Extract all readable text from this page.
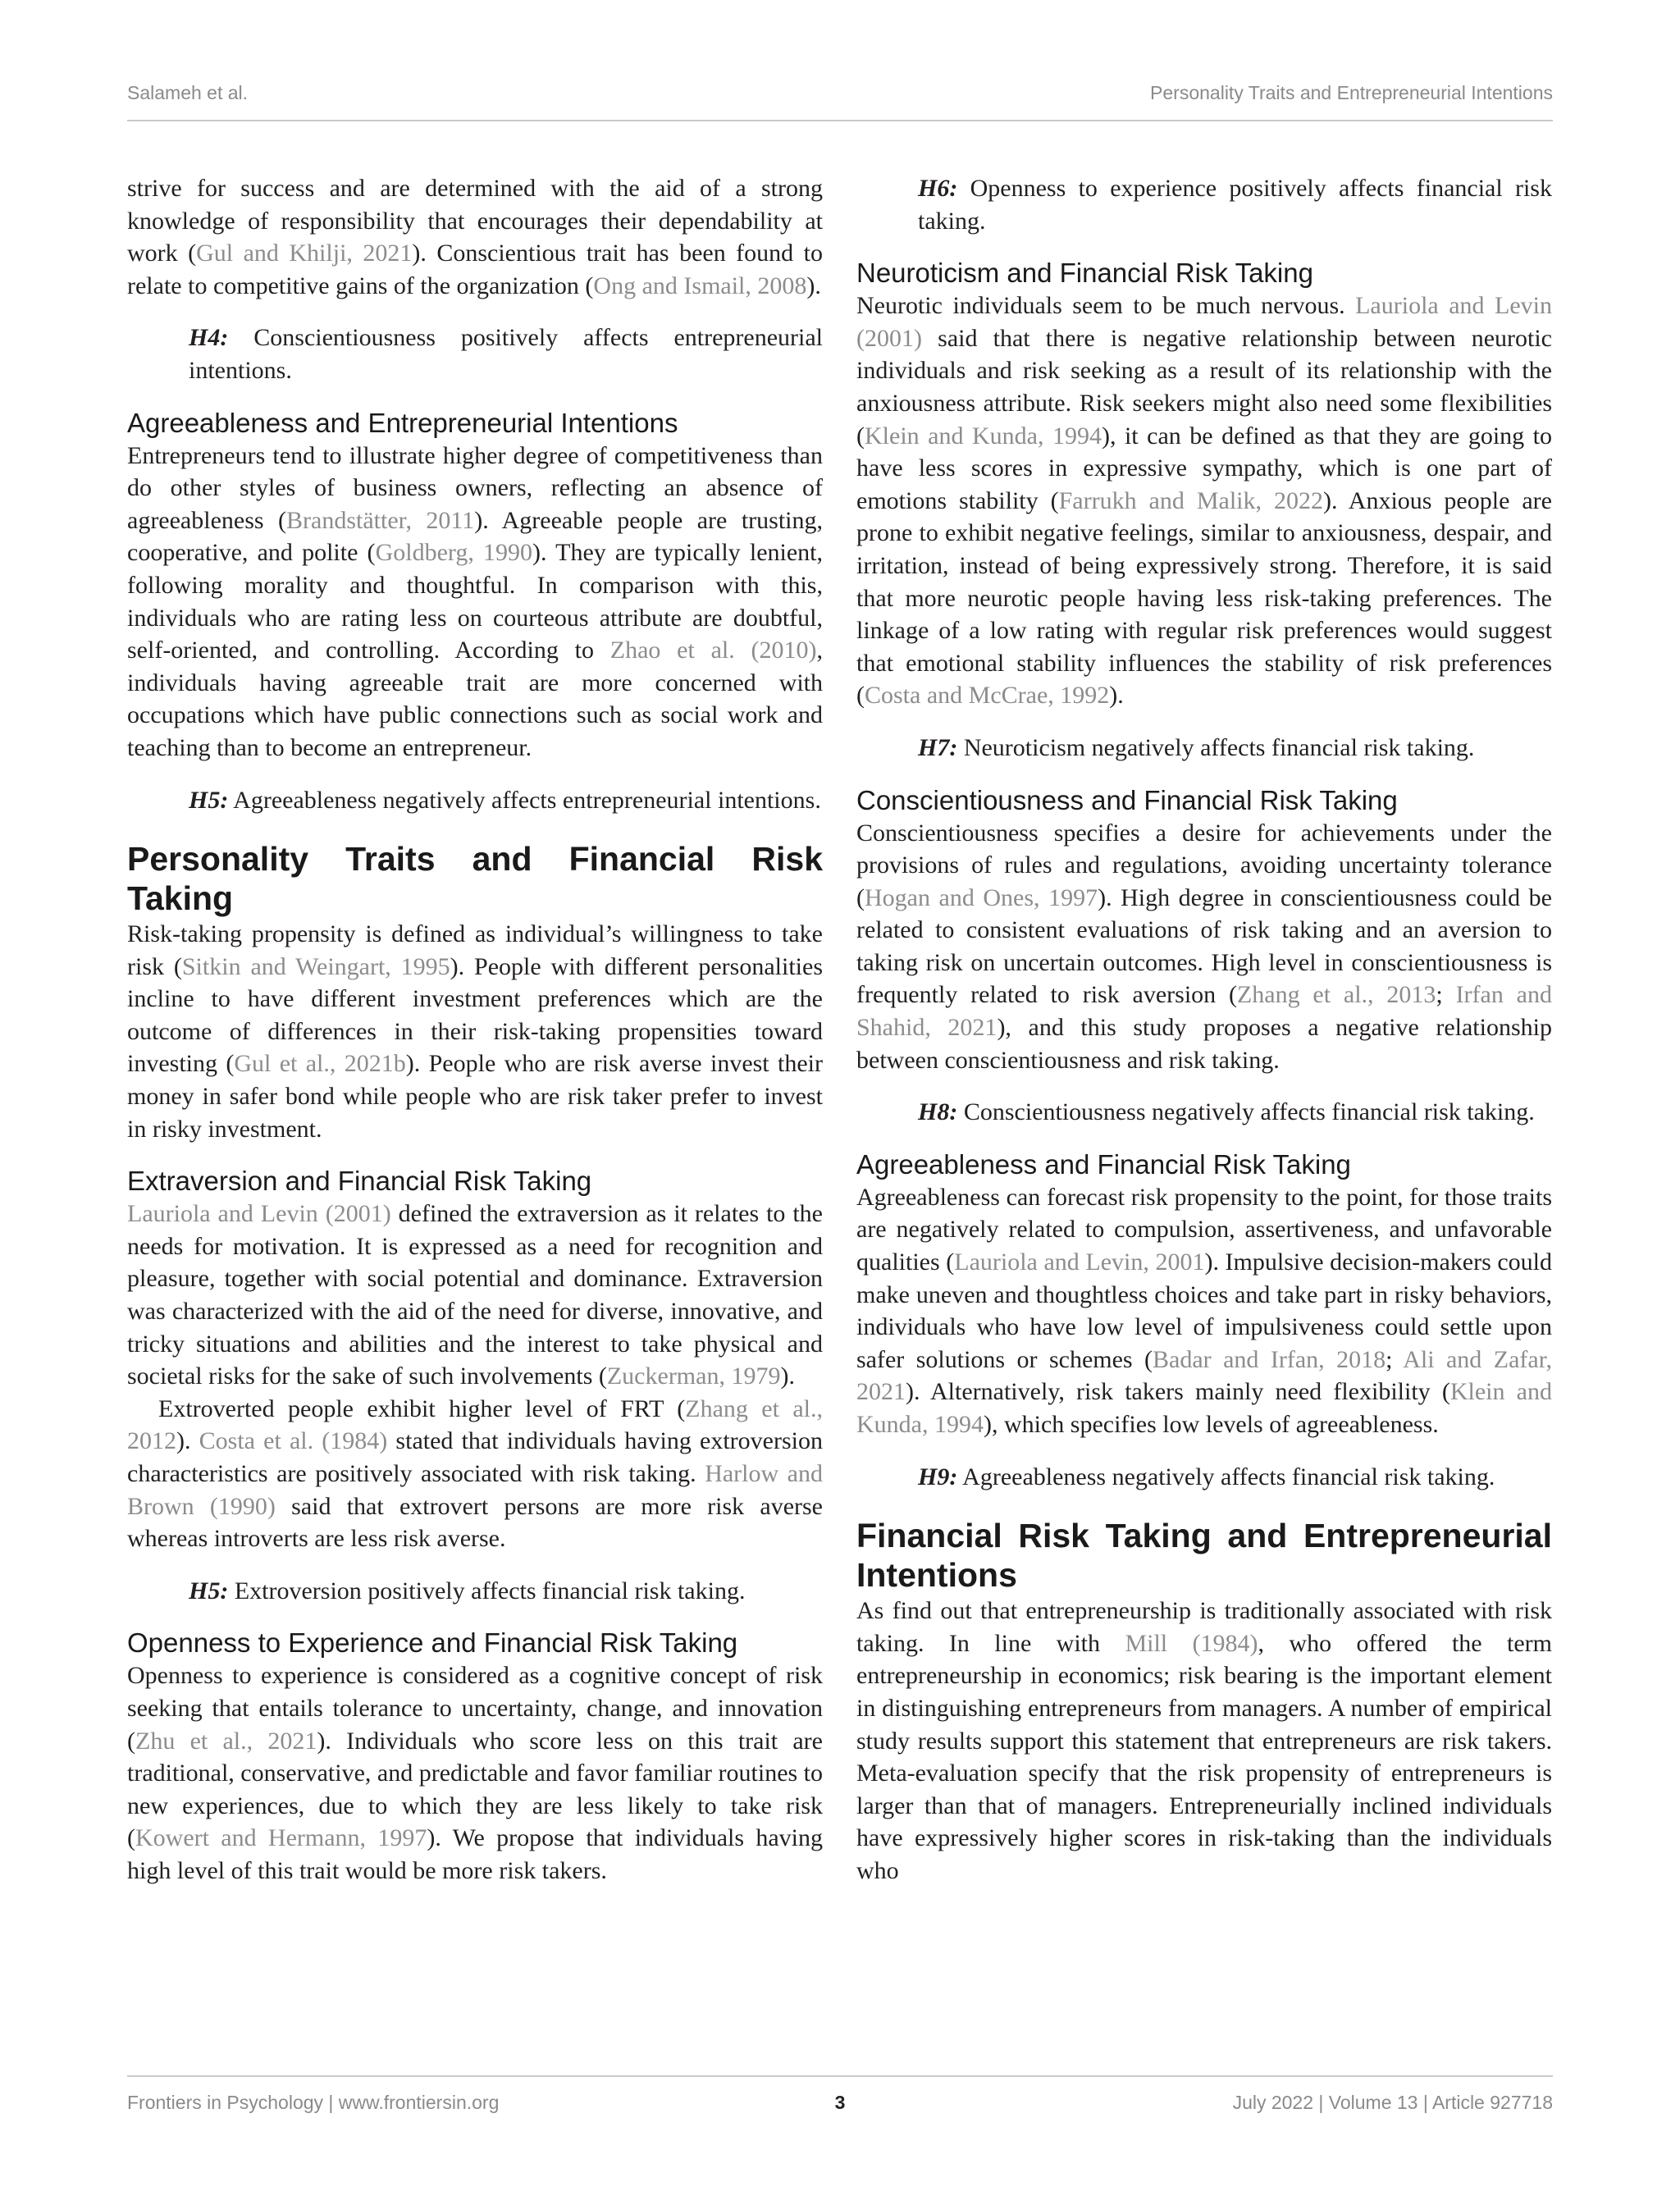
Salameh et al.	Personality Traits and Entrepreneurial Intentions

strive for success and are determined with the aid of a strong knowledge of responsibility that encourages their dependability at work (Gul and Khilji, 2021). Conscientious trait has been found to relate to competitive gains of the organization (Ong and Ismail, 2008).

H4: Conscientiousness positively affects entrepreneurial intentions.

Agreeableness and Entrepreneurial Intentions

Entrepreneurs tend to illustrate higher degree of competitiveness than do other styles of business owners, reflecting an absence of agreeableness (Brandstätter, 2011). Agreeable people are trusting, cooperative, and polite (Goldberg, 1990). They are typically lenient, following morality and thoughtful. In comparison with this, individuals who are rating less on courteous attribute are doubtful, self-oriented, and controlling. According to Zhao et al. (2010), individuals having agreeable trait are more concerned with occupations which have public connections such as social work and teaching than to become an entrepreneur.

H5: Agreeableness negatively affects entrepreneurial intentions.

Personality Traits and Financial Risk Taking

Risk-taking propensity is defined as individual’s willingness to take risk (Sitkin and Weingart, 1995). People with different personalities incline to have different investment preferences which are the outcome of differences in their risk-taking propensities toward investing (Gul et al., 2021b). People who are risk averse invest their money in safer bond while people who are risk taker prefer to invest in risky investment.

Extraversion and Financial Risk Taking

Lauriola and Levin (2001) defined the extraversion as it relates to the needs for motivation. It is expressed as a need for recognition and pleasure, together with social potential and dominance. Extraversion was characterized with the aid of the need for diverse, innovative, and tricky situations and abilities and the interest to take physical and societal risks for the sake of such involvements (Zuckerman, 1979).

Extroverted people exhibit higher level of FRT (Zhang et al., 2012). Costa et al. (1984) stated that individuals having extroversion characteristics are positively associated with risk taking. Harlow and Brown (1990) said that extrovert persons are more risk averse whereas introverts are less risk averse.

H5: Extroversion positively affects financial risk taking.

Openness to Experience and Financial Risk Taking

Openness to experience is considered as a cognitive concept of risk seeking that entails tolerance to uncertainty, change, and innovation (Zhu et al., 2021). Individuals who score less on this trait are traditional, conservative, and predictable and favor familiar routines to new experiences, due to which they are less likely to take risk (Kowert and Hermann, 1997). We propose that individuals having high level of this trait would be more risk takers.

H6: Openness to experience positively affects financial risk taking.

Neuroticism and Financial Risk Taking

Neurotic individuals seem to be much nervous. Lauriola and Levin (2001) said that there is negative relationship between neurotic individuals and risk seeking as a result of its relationship with the anxiousness attribute. Risk seekers might also need some flexibilities (Klein and Kunda, 1994), it can be defined as that they are going to have less scores in expressive sympathy, which is one part of emotions stability (Farrukh and Malik, 2022). Anxious people are prone to exhibit negative feelings, similar to anxiousness, despair, and irritation, instead of being expressively strong. Therefore, it is said that more neurotic people having less risk-taking preferences. The linkage of a low rating with regular risk preferences would suggest that emotional stability influences the stability of risk preferences (Costa and McCrae, 1992).

H7: Neuroticism negatively affects financial risk taking.

Conscientiousness and Financial Risk Taking

Conscientiousness specifies a desire for achievements under the provisions of rules and regulations, avoiding uncertainty tolerance (Hogan and Ones, 1997). High degree in conscientiousness could be related to consistent evaluations of risk taking and an aversion to taking risk on uncertain outcomes. High level in conscientiousness is frequently related to risk aversion (Zhang et al., 2013; Irfan and Shahid, 2021), and this study proposes a negative relationship between conscientiousness and risk taking.

H8: Conscientiousness negatively affects financial risk taking.

Agreeableness and Financial Risk Taking

Agreeableness can forecast risk propensity to the point, for those traits are negatively related to compulsion, assertiveness, and unfavorable qualities (Lauriola and Levin, 2001). Impulsive decision-makers could make uneven and thoughtless choices and take part in risky behaviors, individuals who have low level of impulsiveness could settle upon safer solutions or schemes (Badar and Irfan, 2018; Ali and Zafar, 2021). Alternatively, risk takers mainly need flexibility (Klein and Kunda, 1994), which specifies low levels of agreeableness.

H9: Agreeableness negatively affects financial risk taking.

Financial Risk Taking and Entrepreneurial Intentions

As find out that entrepreneurship is traditionally associated with risk taking. In line with Mill (1984), who offered the term entrepreneurship in economics; risk bearing is the important element in distinguishing entrepreneurs from managers. A number of empirical study results support this statement that entrepreneurs are risk takers. Meta-evaluation specify that the risk propensity of entrepreneurs is larger than that of managers. Entrepreneurially inclined individuals have expressively higher scores in risk-taking than the individuals who

Frontiers in Psychology | www.frontiersin.org	3	July 2022 | Volume 13 | Article 927718
